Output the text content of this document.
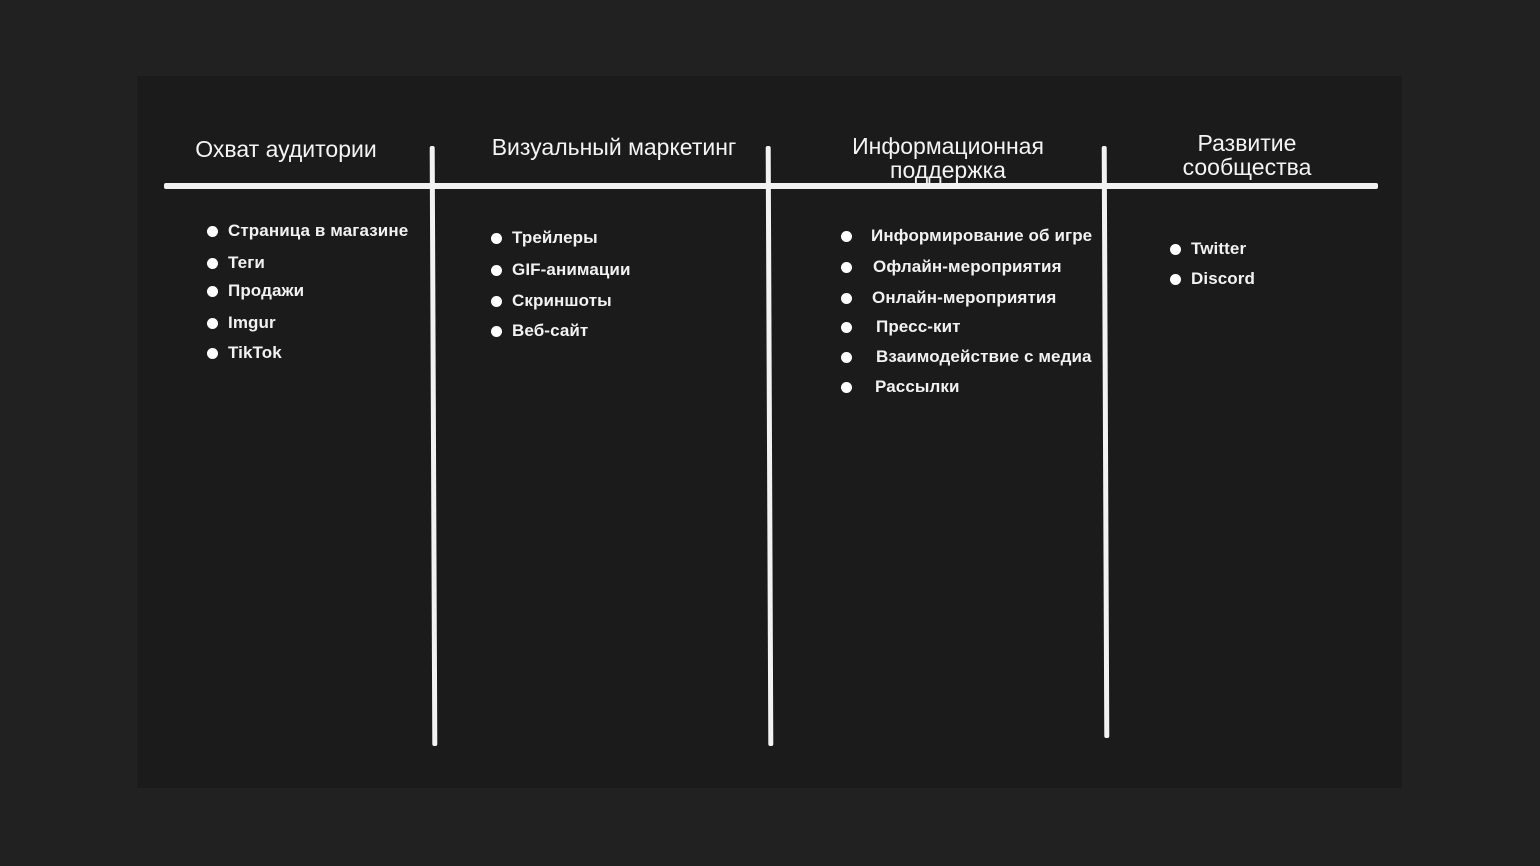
Охват аудитории	Визуальный маркетинг	Информационная
поддержка
Развитие
сообщества
Страница в магазине
Теги
Продажи
Imgur
TikTok
Трейлеры
GIF-анимации
Скриншоты
Веб-сайт
Информирование об игре
Офлайн-мероприятия
Онлайн-мероприятия
Пресс-кит
Взаимодействие с медиа
Рассылки
Twitter
Discord
